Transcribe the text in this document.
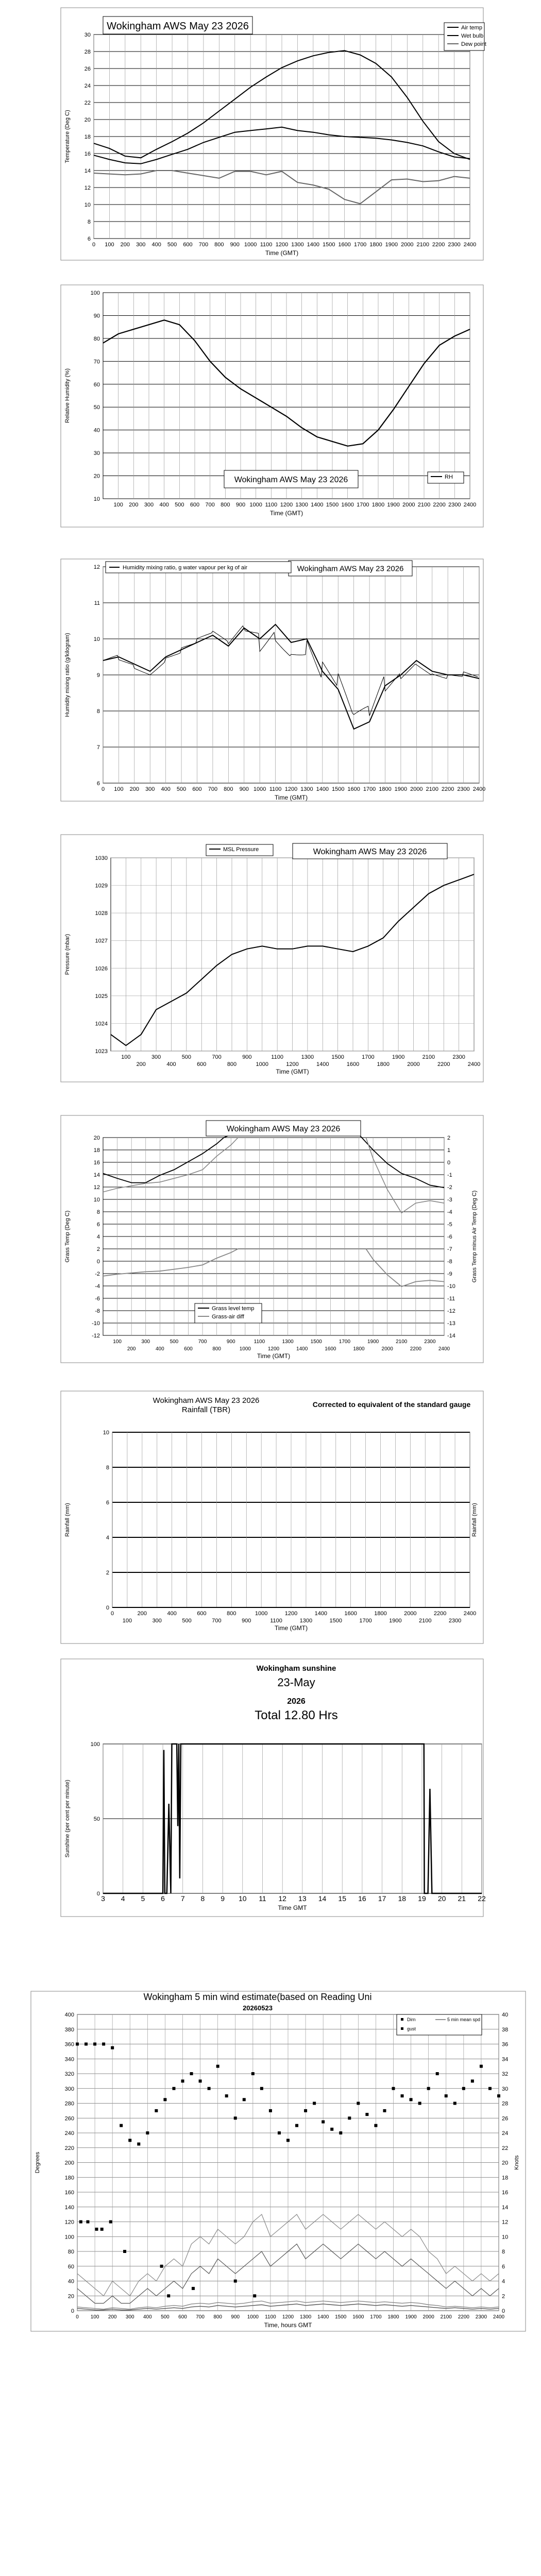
6
8
10
12
14
16
18
20
22
24
26
28
30
0 100 200 300 400 500 600 700 800 900 1000 1100 1200 1300 1400 1500 1600 1700 1800 1900 2000 2100 2200 2300 2400
Time (GMT)
Temperature (Deg C)
Wokingham AWS May 23 2026	Air temp
Wet bulb
Dew point
10
20
30
40
50
60
70
80
90
100
100 200 300 400 500 600 700 800 900 1000 1100 1200 1300 1400 1500 1600 1700 1800 1900 2000 2100 2200 2300 2400
Time (GMT)
Relative Humidity (%)
Wokingham AWS May 23 2026	RH
6
7
8
9
10
11
12
0 100 200 300 400 500 600 700 800 900 1000 1100 1200 1300 1400 1500 1600 1700 1800 1900 2000 2100 2200 2300 2400
Time (GMT)
Humidity mixing ratio (g/kilogram)
Wokingham AWS May 23 2026
Humidity mixing ratio, g water vapour per kg of air
1023
1024
1025
1026
1027
1028
1029
1030
100
200
300
400
500
600
700
800
900
1000
1100
1200
1300
1400
1500
1600
1700
1800
1900
2000
2100
2200
2300
2400
Time (GMT)
Pressure (mbar)
Wokingham AWS May 23 2026
MSL Pressure
-12
-10
-8
-6
-4
-2
0
2
4
6
8
10
12
14
16
18
20
100
200
300
400
500
600
700
800
900
1000
1100
1200
1300
1400
1500
1600
1700
1800
1900
2000
2100
2200
2300
2400
-14
-13
-12
-11
-10
-9
-8
-7
-6
-5
-4
-3
-2
-1
0
1
2
Time (GMT)
Grass Temp (Deg C)	Grass Temp minus Air Temp (Deg C)
Wokingham AWS May 23 2026
Grass level temp
Grass-air diff
0
2
4
6
8
10
0
100
200
300
400
500
600
700
800
900
1000
1100
1200
1300
1400
1500
1600
1700
1800
1900
2000
2100
2200
2300
2400
Time (GMT)
Rainfall (mm)	Rainfall (mm)
Wokingham AWS May 23 2026
Rainfall (TBR)
Corrected to equivalent of the standard gauge
0
50
100
3 4 5 6 7 8 9 10 11 12 13 14 15 16 17 18 19 20 21 22
Time GMT
Sunshine (per cent per minute)
Wokingham sunshine
23-May
2026
Total 12.80 Hrs
0
20
40
60
80
100
120
140
160
180
200
220
240
260
280
300
320
340
360
380
400
0 100 200 300 400 500 600 700 800 900 1000 1100 1200 1300 1400 1500 1600 1700 1800 1900 2000 2100 2200 2300 2400
0
2
4
6
8
10
12
14
16
18
20
22
24
26
28
30
32
34
36
38
40
Time, hours GMT
Degrees	Knots
Wokingham 5 min wind estimate(based on Reading Uni
20260523
Dirn	5 min mean spd
gust
